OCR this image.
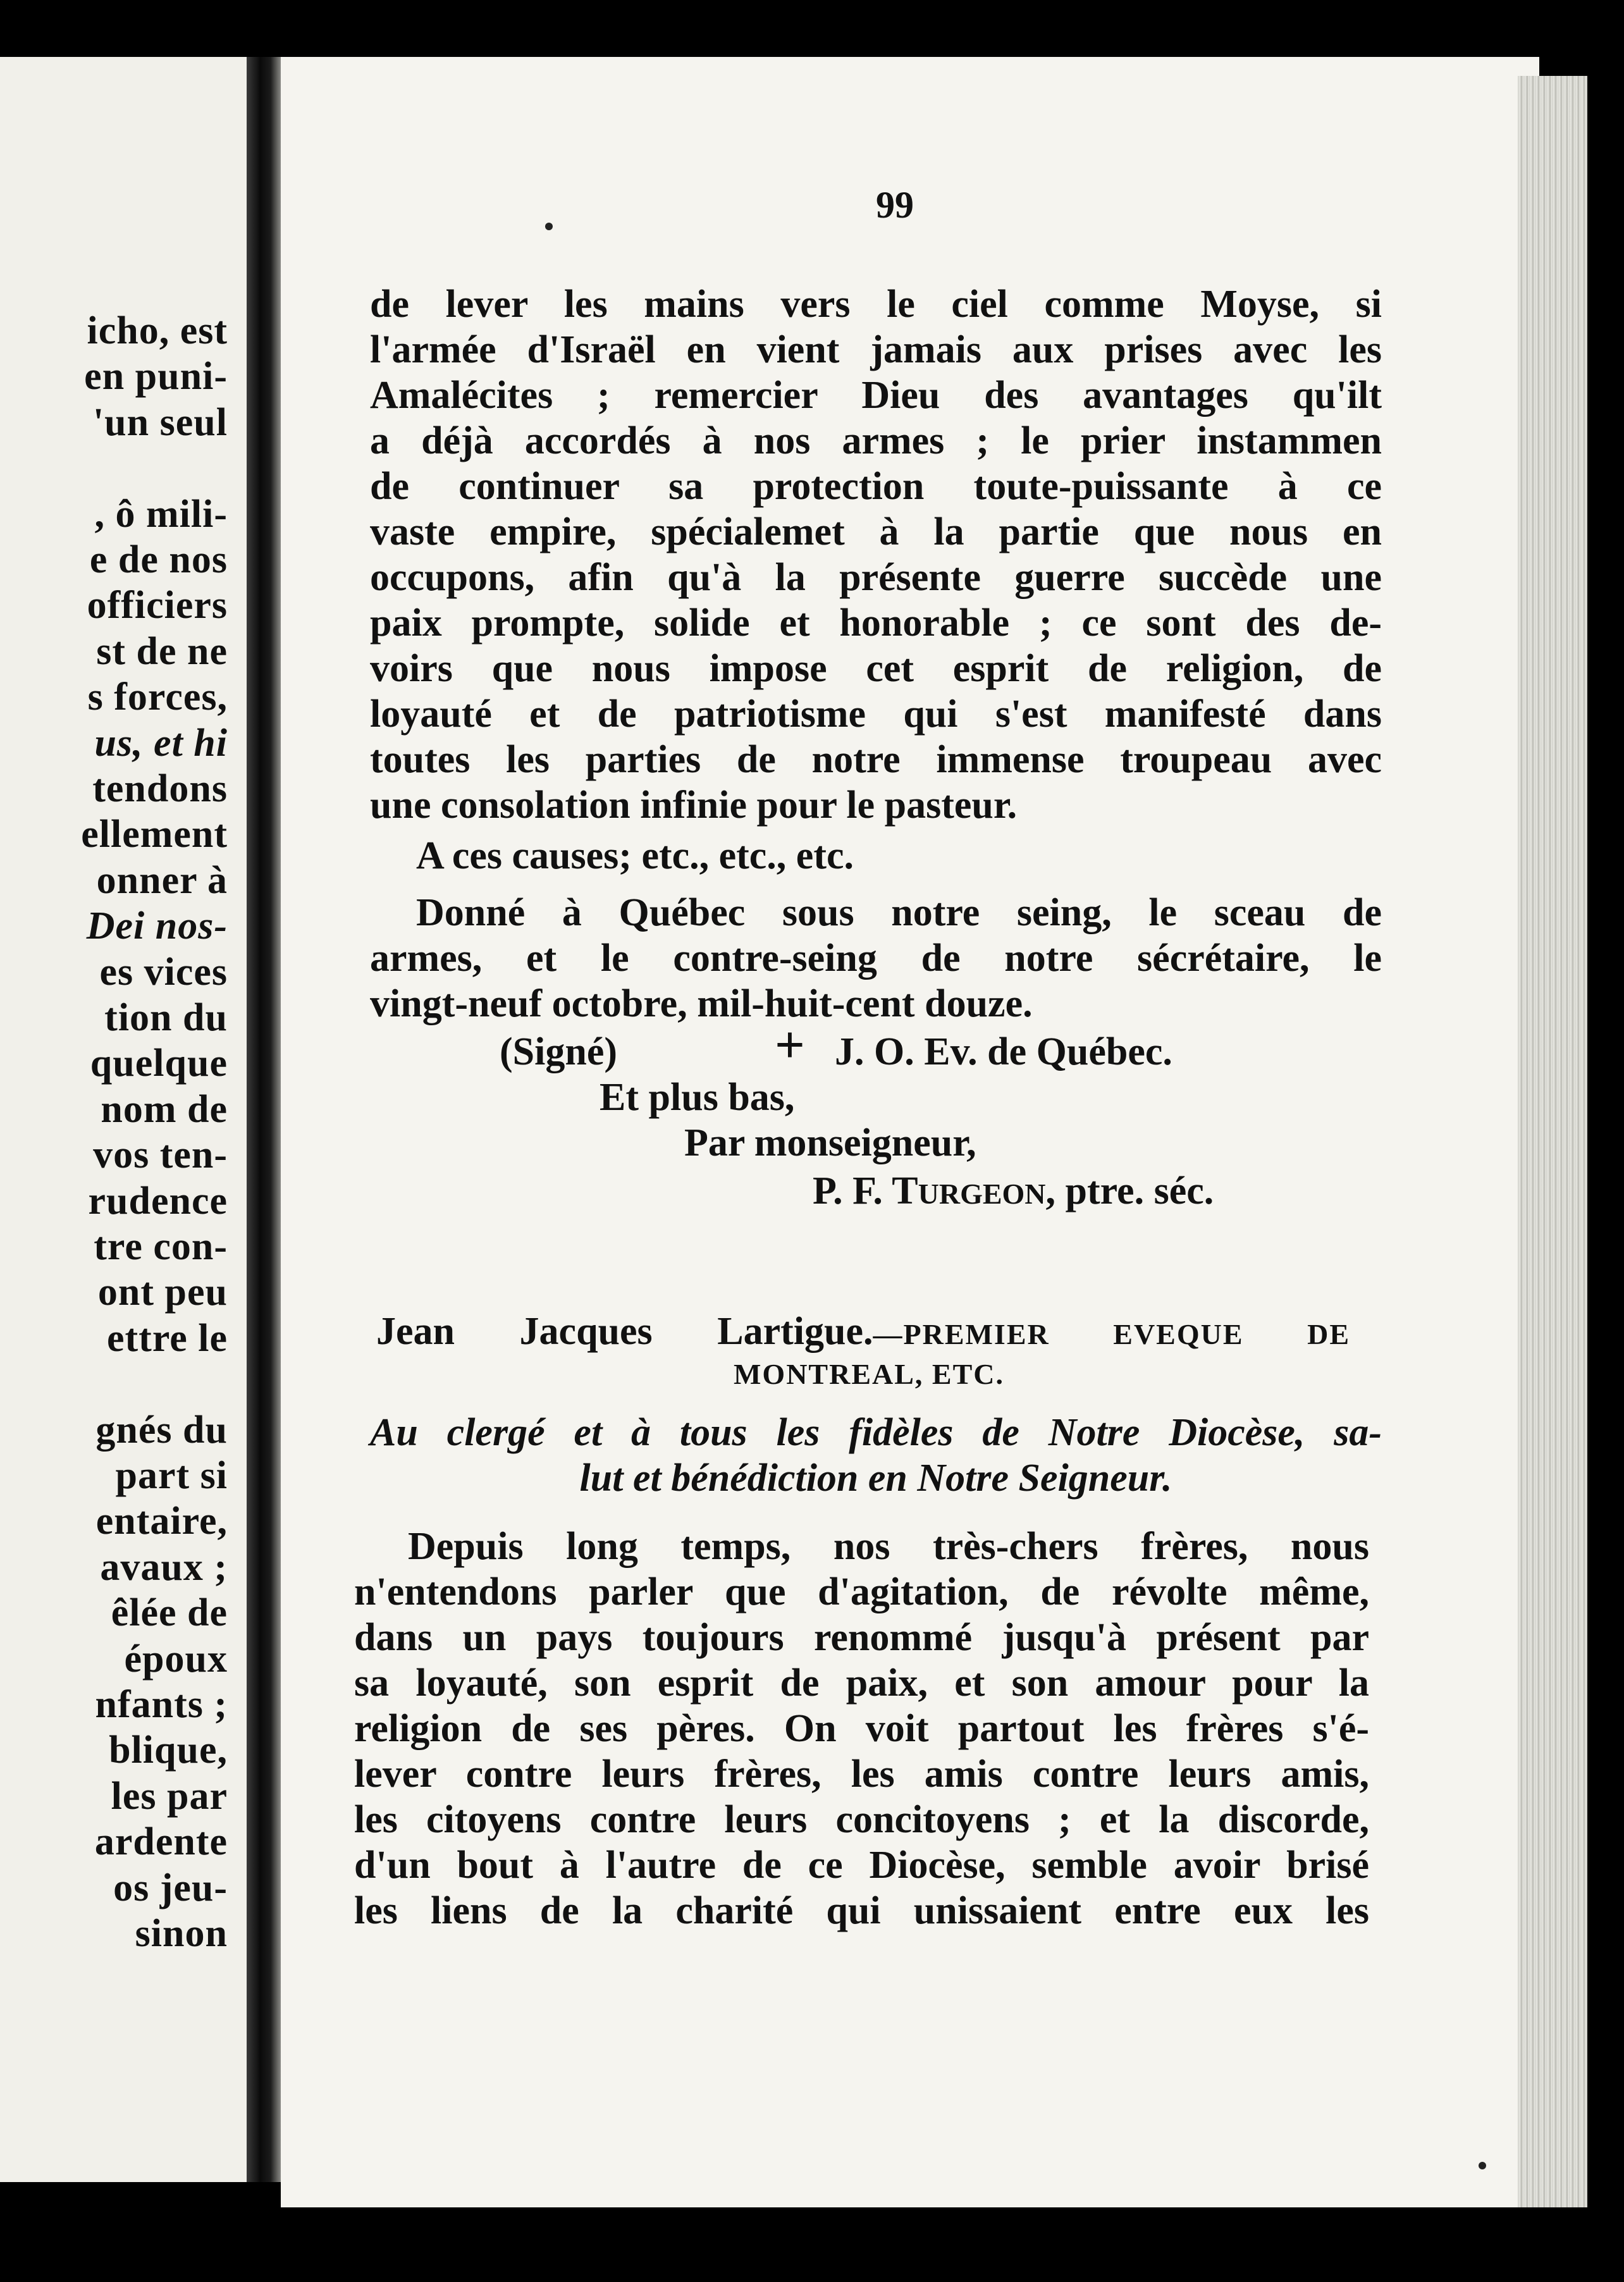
icho, est
en puni-
'un seul
, ô mili-
e de nos
officiers
st de ne
s forces,
us, et hi
tendons
ellement
onner à
Dei nos-
es vices
tion du
quelque
nom de
vos ten-
rudence
tre con-
ont peu
ettre le
gnés du
part si
entaire,
avaux ;
êlée de
époux
nfants ;
blique,
les par
ardente
os jeu-
sinon
99
de lever les mains vers le ciel comme Moyse, si
l'armée d'Israël en vient jamais aux prises avec les
Amalécites ; remercier Dieu des avantages qu'ilt
a déjà accordés à nos armes ; le prier instammen
de continuer sa protection toute-puissante à ce
vaste empire, spécialemet à la partie que nous en
occupons, afin qu'à la présente guerre succède une
paix prompte, solide et honorable ; ce sont des de-
voirs que nous impose cet esprit de religion, de
loyauté et de patriotisme qui s'est manifesté dans
toutes les parties de notre immense troupeau avec
une consolation infinie pour le pasteur.
A ces causes; etc., etc., etc.
Donné à Québec sous notre seing, le sceau de
armes, et le contre-seing de notre sécrétaire, le
vingt-neuf octobre, mil-huit-cent douze.
(Signé)	+ J. O. Ev. de Québec.
Et plus bas,
Par monseigneur,
P. F. TURGEON, ptre. séc.
Jean Jacques Lartigue.—PREMIER EVEQUE DE
MONTREAL, ETC.
Au clergé et à tous les fidèles de Notre Diocèse, sa-
lut et bénédiction en Notre Seigneur.
Depuis long temps, nos très-chers frères, nous
n'entendons parler que d'agitation, de révolte même,
dans un pays toujours renommé jusqu'à présent par
sa loyauté, son esprit de paix, et son amour pour la
religion de ses pères. On voit partout les frères s'é-
lever contre leurs frères, les amis contre leurs amis,
les citoyens contre leurs concitoyens ; et la discorde,
d'un bout à l'autre de ce Diocèse, semble avoir brisé
les liens de la charité qui unissaient entre eux les
